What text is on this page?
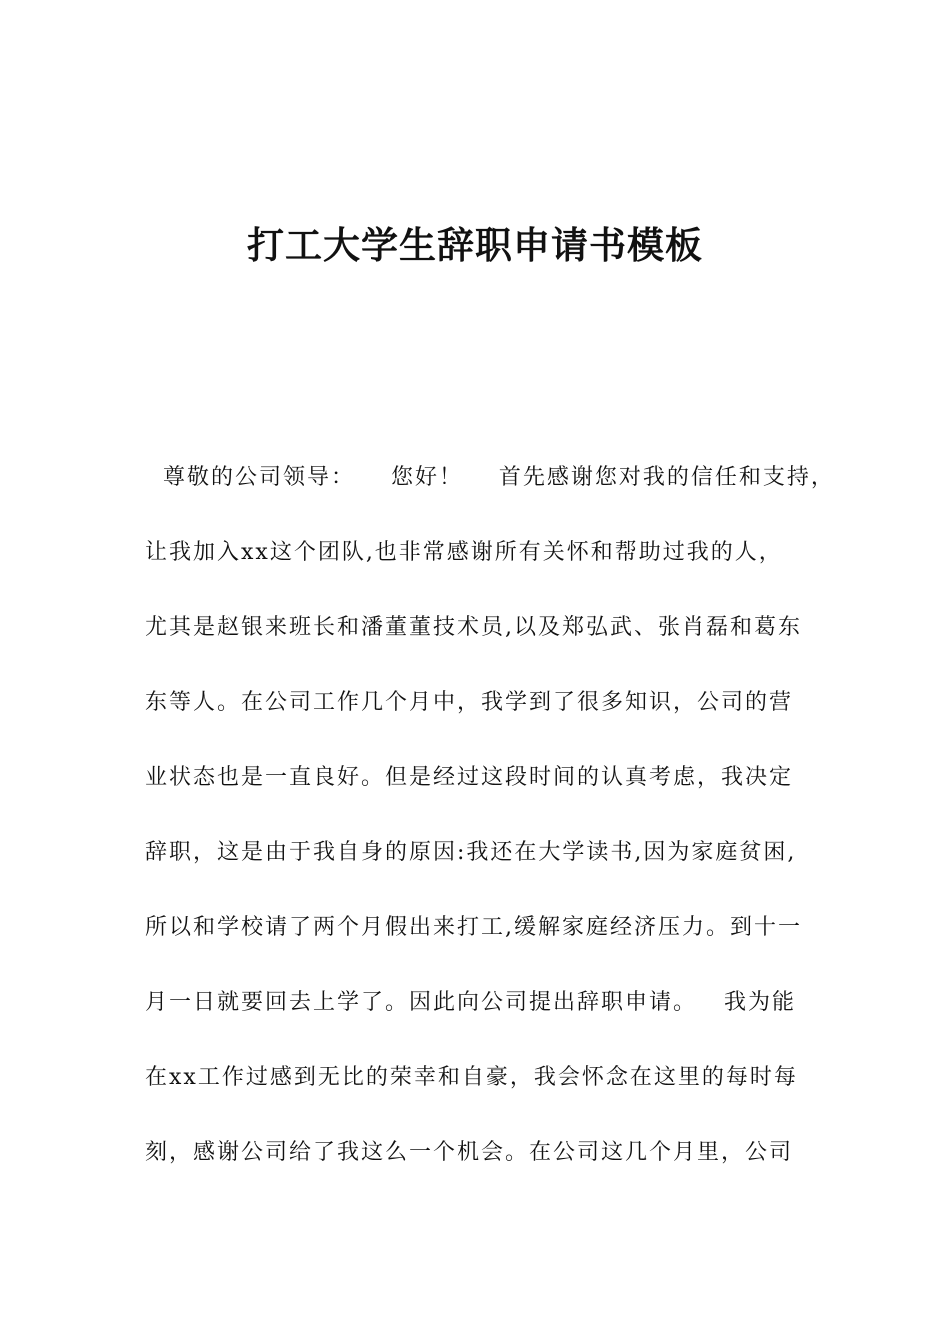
打工大学生辞职申请书模板

尊敬的公司领导：    您好！    首先感谢您对我的信任和支持，

让我加入xx这个团队,也非常感谢所有关怀和帮助过我的人，

尤其是赵银来班长和潘董董技术员,以及郑弘武、张肖磊和葛东

东等人。在公司工作几个月中，我学到了很多知识，公司的营

业状态也是一直良好。但是经过这段时间的认真考虑，我决定

辞职，这是由于我自身的原因:我还在大学读书,因为家庭贫困,

所以和学校请了两个月假出来打工,缓解家庭经济压力。到十一

月一日就要回去上学了。因此向公司提出辞职申请。   我为能

在xx工作过感到无比的荣幸和自豪，我会怀念在这里的每时每

刻，感谢公司给了我这么一个机会。在公司这几个月里，公司
